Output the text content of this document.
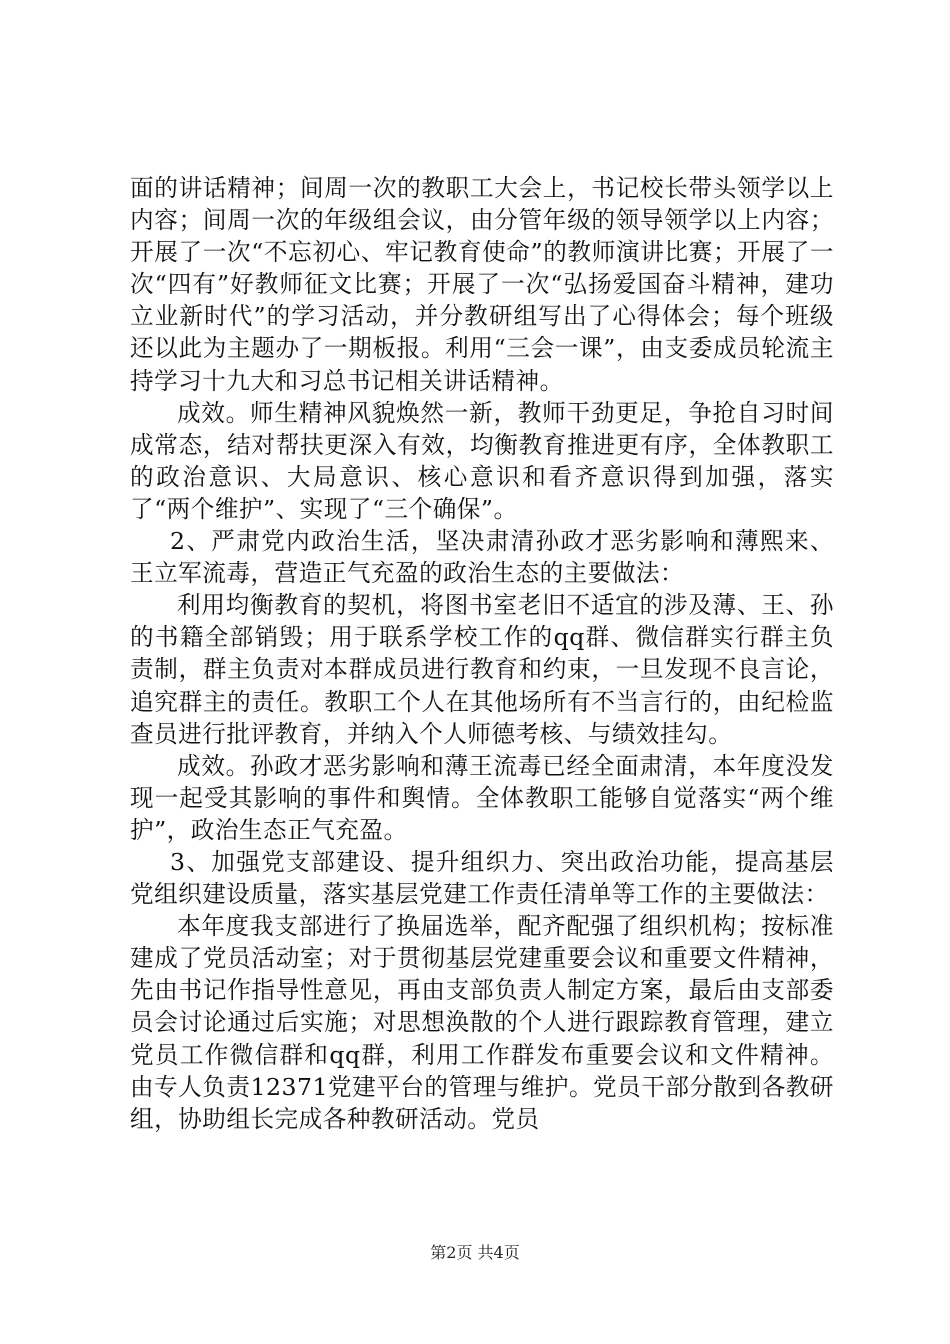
面的讲话精神；间周一次的教职工大会上，书记校长带头领学以上内容；间周一次的年级组会议，由分管年级的领导领学以上内容；开展了一次“不忘初心、牢记教育使命”的教师演讲比赛；开展了一次“四有”好教师征文比赛；开展了一次“弘扬爱国奋斗精神，建功立业新时代”的学习活动，并分教研组写出了心得体会；每个班级还以此为主题办了一期板报。利用“三会一课”，由支委成员轮流主持学习十九大和习总书记相关讲话精神。

成效。师生精神风貌焕然一新，教师干劲更足，争抢自习时间成常态，结对帮扶更深入有效，均衡教育推进更有序，全体教职工的政治意识、大局意识、核心意识和看齐意识得到加强，落实了“两个维护”、实现了“三个确保”。

2、严肃党内政治生活，坚决肃清孙政才恶劣影响和薄熙来、王立军流毒，营造正气充盈的政治生态的主要做法：

利用均衡教育的契机，将图书室老旧不适宜的涉及薄、王、孙的书籍全部销毁；用于联系学校工作的qq群、微信群实行群主负责制，群主负责对本群成员进行教育和约束，一旦发现不良言论，追究群主的责任。教职工个人在其他场所有不当言行的，由纪检监查员进行批评教育，并纳入个人师德考核、与绩效挂勾。

成效。孙政才恶劣影响和薄王流毒已经全面肃清，本年度没发现一起受其影响的事件和舆情。全体教职工能够自觉落实“两个维护”，政治生态正气充盈。

3、加强党支部建设、提升组织力、突出政治功能，提高基层党组织建设质量，落实基层党建工作责任清单等工作的主要做法：

本年度我支部进行了换届选举，配齐配强了组织机构；按标准建成了党员活动室；对于贯彻基层党建重要会议和重要文件精神，先由书记作指导性意见，再由支部负责人制定方案，最后由支部委员会讨论通过后实施；对思想涣散的个人进行跟踪教育管理，建立党员工作微信群和qq群，利用工作群发布重要会议和文件精神。由专人负责12371党建平台的管理与维护。党员干部分散到各教研组，协助组长完成各种教研活动。党员

第2页 共4页
